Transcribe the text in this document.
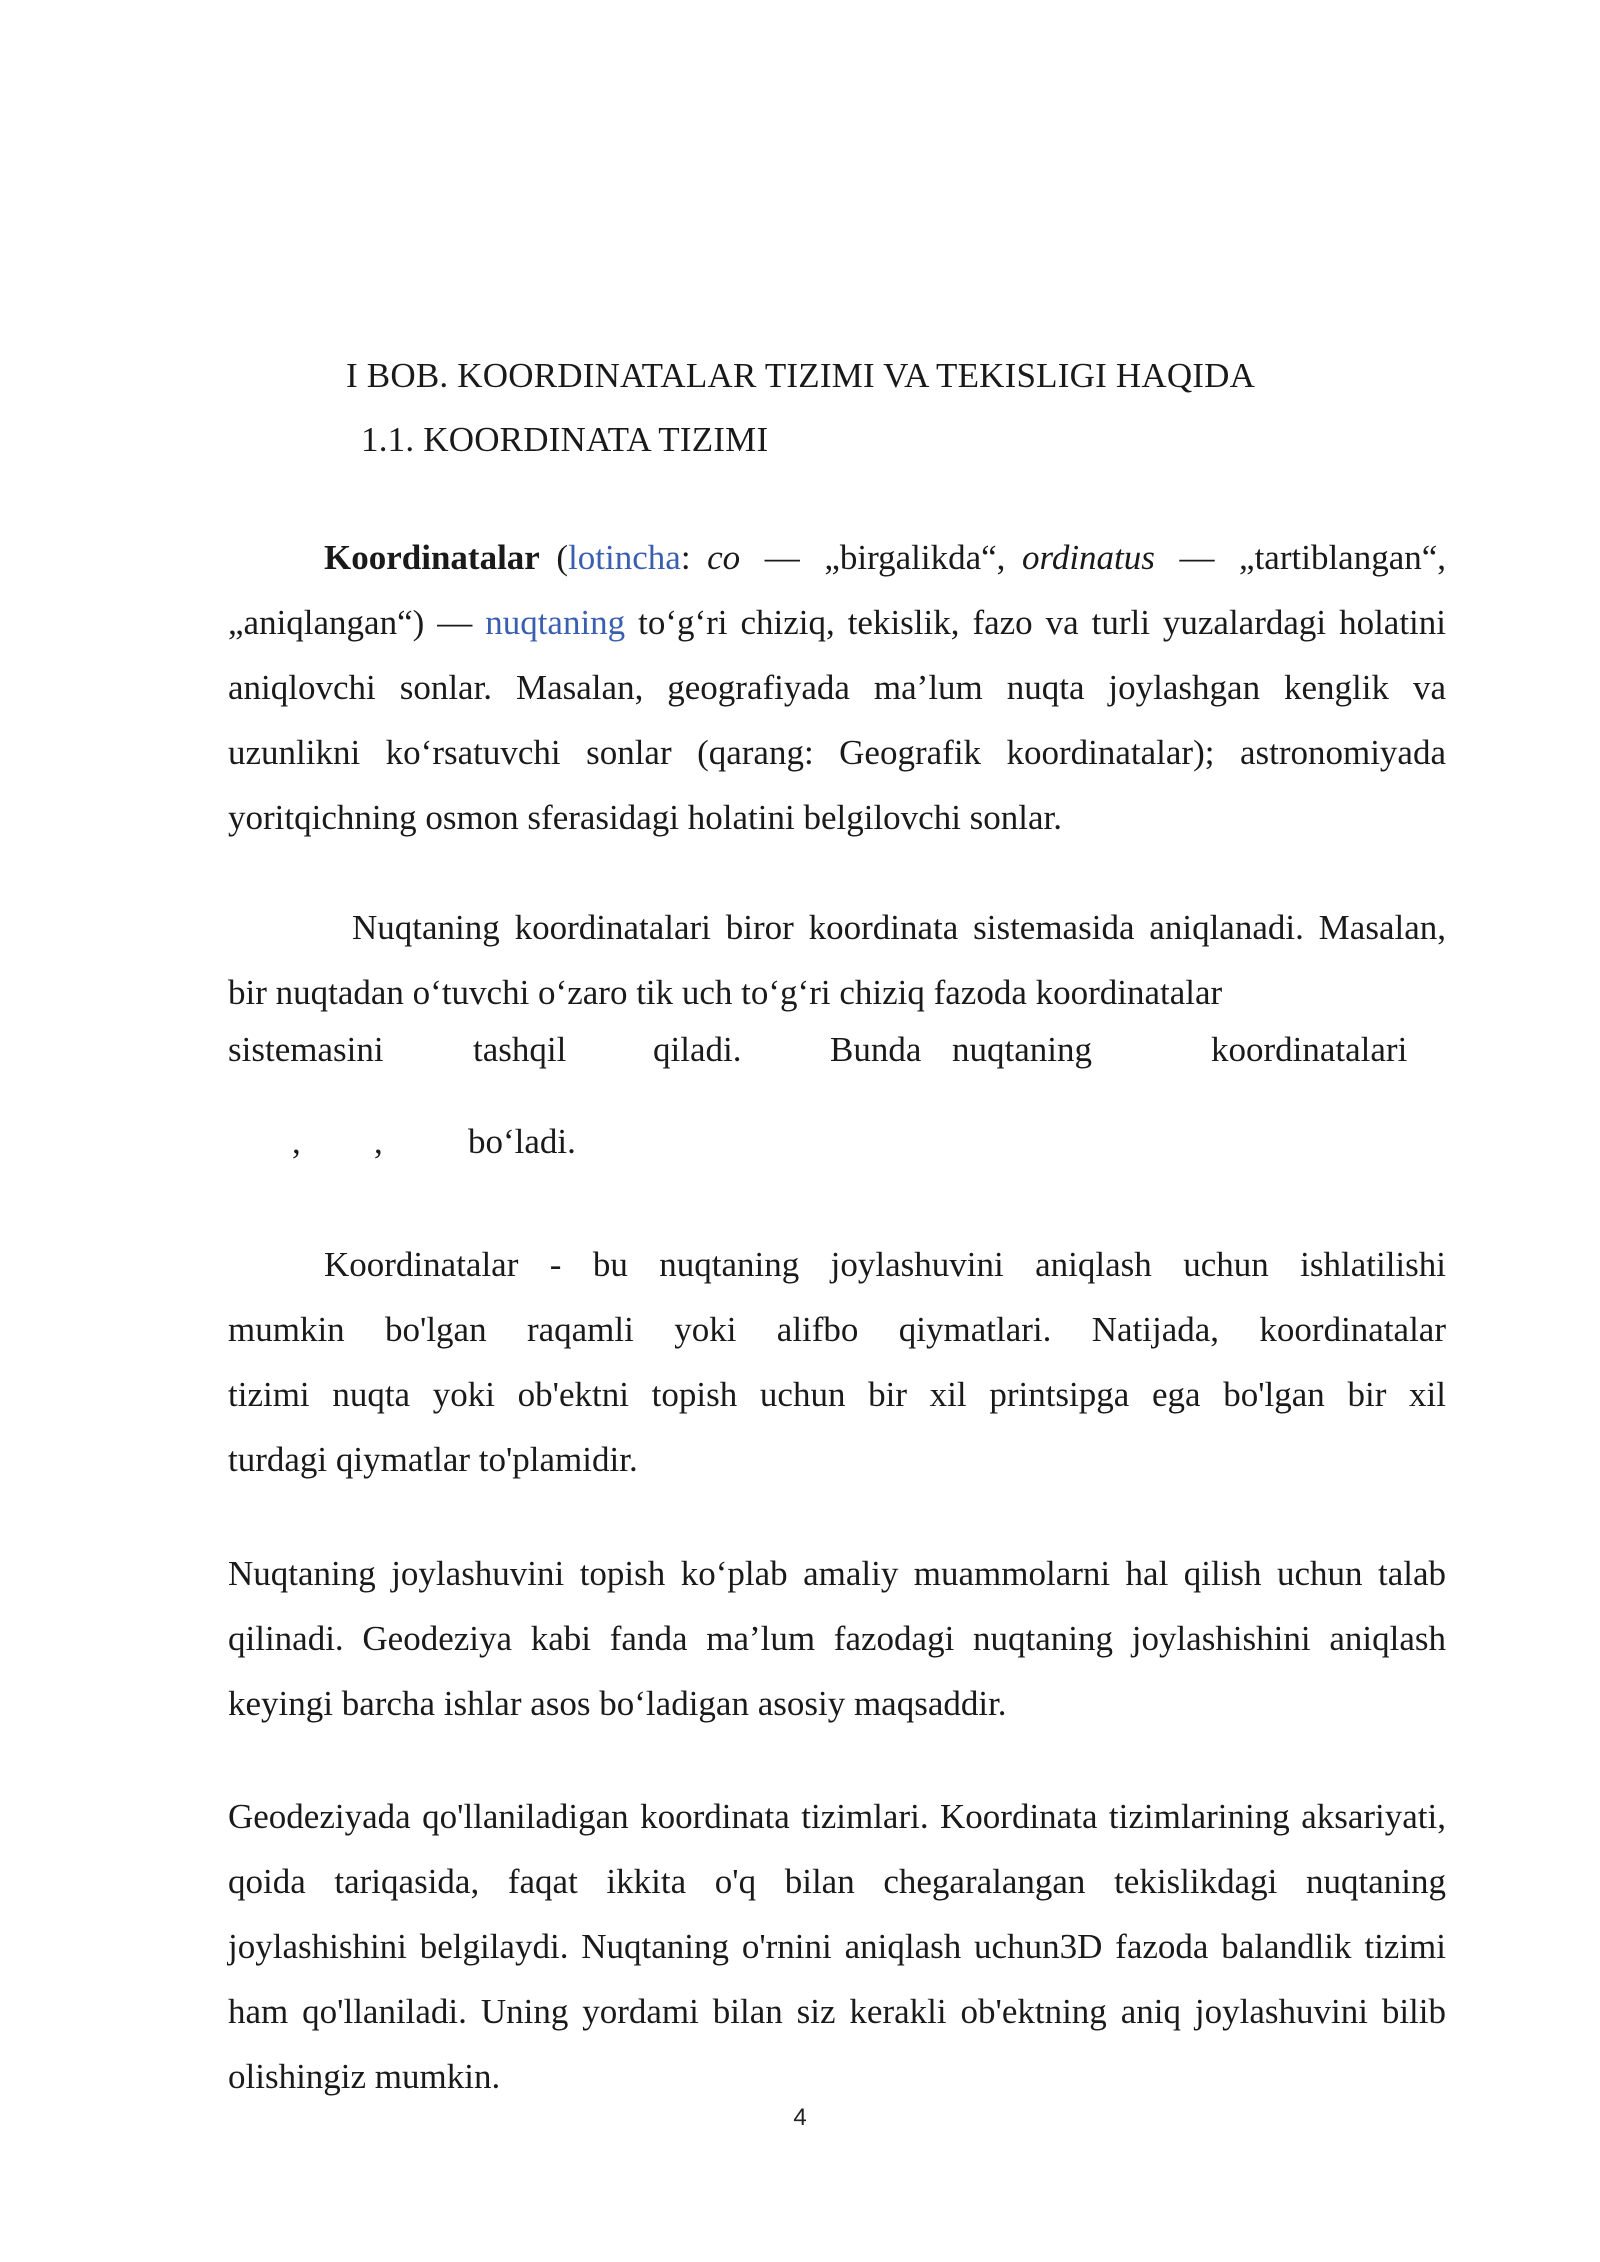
I BOB. KOORDINATALAR TIZIMI VA TEKISLIGI HAQIDA
1.1. KOORDINATA TIZIMI

Koordinatalar (lotincha: co — „birgalikda“, ordinatus — „tartiblangan“, „aniqlangan“) — nuqtaning to‘g‘ri chiziq, tekislik, fazo va turli yuzalardagi holatini aniqlovchi sonlar. Masalan, geografiyada ma’lum nuqta joylashgan kenglik va uzunlikni ko‘rsatuvchi sonlar (qarang: Geografik koordinatalar); astronomiyada yoritqichning osmon sferasidagi holatini belgilovchi sonlar.

Nuqtaning koordinatalari biror koordinata sistemasida aniqlanadi. Masalan, bir nuqtadan o‘tuvchi o‘zaro tik uch to‘g‘ri chiziq fazoda koordinatalar

sistemasini	tashqil qiladi.	Bunda nuqtaning	koordinatalari
, , bo‘ladi.

Koordinatalar - bu nuqtaning joylashuvini aniqlash uchun ishlatilishi
mumkin bo'lgan raqamli yoki alifbo qiymatlari. Natijada, koordinatalar
tizimi nuqta yoki ob'ektni topish uchun bir xil printsipga ega bo'lgan bir xil
turdagi qiymatlar to'plamidir.

Nuqtaning joylashuvini topish ko‘plab amaliy muammolarni hal qilish uchun talab qilinadi. Geodeziya kabi fanda ma’lum fazodagi nuqtaning joylashishini aniqlash keyingi barcha ishlar asos bo‘ladigan asosiy maqsaddir.

Geodeziyada qo'llaniladigan koordinata tizimlari. Koordinata tizimlarining aksariyati, qoida tariqasida, faqat ikkita o'q bilan chegaralangan tekislikdagi nuqtaning joylashishini belgilaydi. Nuqtaning o'rnini aniqlash uchun3D fazoda balandlik tizimi ham qo'llaniladi. Uning yordami bilan siz kerakli ob'ektning aniq joylashuvini bilib olishingiz mumkin.

4
